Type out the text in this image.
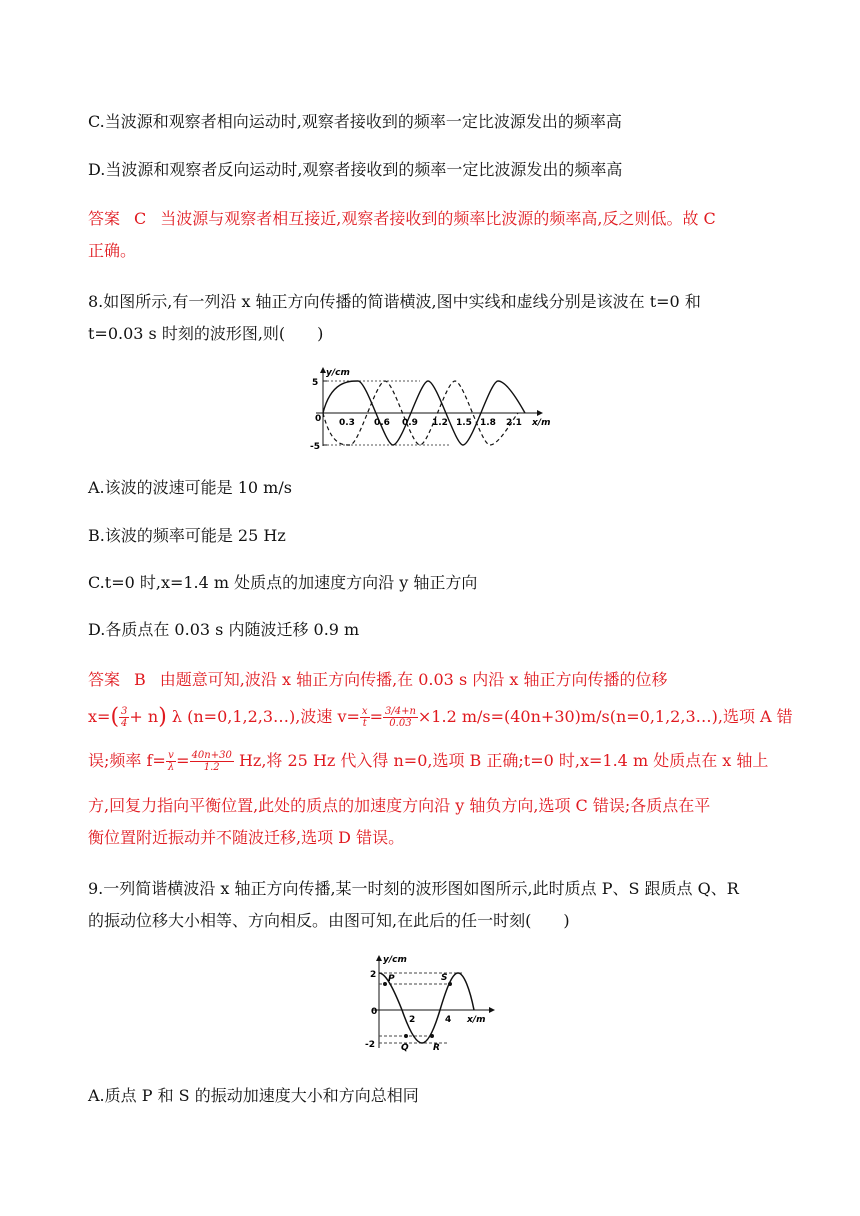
C.当波源和观察者相向运动时,观察者接收到的频率一定比波源发出的频率高
D.当波源和观察者反向运动时,观察者接收到的频率一定比波源发出的频率高
答案 C 当波源与观察者相互接近,观察者接收到的频率比波源的频率高,反之则低。故 C
正确。
8.如图所示,有一列沿 x 轴正方向传播的简谐横波,图中实线和虚线分别是该波在 t=0 和
t=0.03 s 时刻的波形图,则(　　)
y/cm
5
0
-5
0.3 0.6 0.9 1.2 1.5 1.8 2.1 x/m
A.该波的波速可能是 10 m/s
B.该波的频率可能是 25 Hz
C.t=0 时,x=1.4 m 处质点的加速度方向沿 y 轴正方向
D.各质点在 0.03 s 内随波迁移 0.9 m
答案 B 由题意可知,波沿 x 轴正方向传播,在 0.03 s 内沿 x 轴正方向传播的位移
$x=( \frac{3}{4} + n)$ λ (n=0,1,2,3…),波速 $v= \frac{x}{t} = \frac{3/4+n}{0.03} \times 1.2$ m/s=(40n+30)m/s(n=0,1,2,3…),选项 A 错
误;频率 $f= \frac{v}{\lambda} = \frac{40n+30}{1.2} Hz$,将 25 Hz 代入得 n=0,选项 B 正确;t=0 时,x=1.4 m 处质点在 x 轴上
方,回复力指向平衡位置,此处的质点的加速度方向沿 y 轴负方向,选项 C 错误;各质点在平
衡位置附近振动并不随波迁移,选项 D 错误。
9.一列简谐横波沿 x 轴正方向传播,某一时刻的波形图如图所示,此时质点 P、S 跟质点 Q、R
的振动位移大小相等、方向相反。由图可知,在此后的任一时刻(　　)
y/cm
2
0
-2
2	4 x/m
P	S
Q	R
A.质点 P 和 S 的振动加速度大小和方向总相同
